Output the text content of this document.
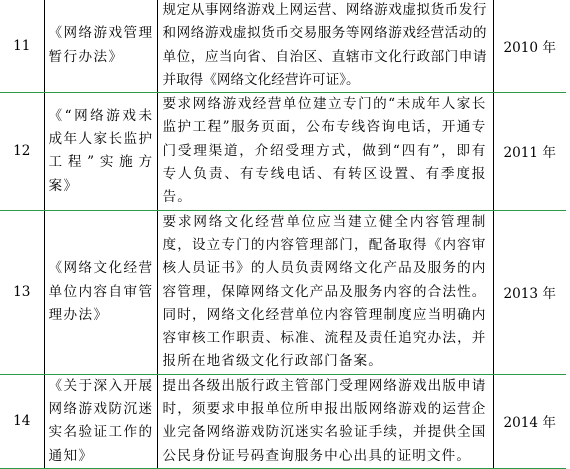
11	《网络游戏管理暂行办法》	规定从事网络游戏上网运营、网络游戏虚拟货币发行和网络游戏虚拟货币交易服务等网络游戏经营活动的单位，应当向省、自治区、直辖市文化行政部门申请并取得《网络文化经营许可证》。	2010 年
12	《“网络游戏未成年人家长监护工程”实施方案》	要求网络游戏经营单位建立专门的“未成年人家长监护工程”服务页面，公布专线咨询电话，开通专门受理渠道，介绍受理方式，做到“四有”，即有专人负责、有专线电话、有转区设置、有季度报告。	2011 年
13	《网络文化经营单位内容自审管理办法》	要求网络文化经营单位应当建立健全内容管理制度，设立专门的内容管理部门，配备取得《内容审核人员证书》的人员负责网络文化产品及服务的内容管理，保障网络文化产品及服务内容的合法性。同时，网络文化经营单位内容管理制度应当明确内容审核工作职责、标准、流程及责任追究办法，并报所在地省级文化行政部门备案。	2013 年
14	《关于深入开展网络游戏防沉迷实名验证工作的通知》	提出各级出版行政主管部门受理网络游戏出版申请时，须要求申报单位所申报出版网络游戏的运营企业完备网络游戏防沉迷实名验证手续，并提供全国公民身份证号码查询服务中心出具的证明文件。	2014 年
